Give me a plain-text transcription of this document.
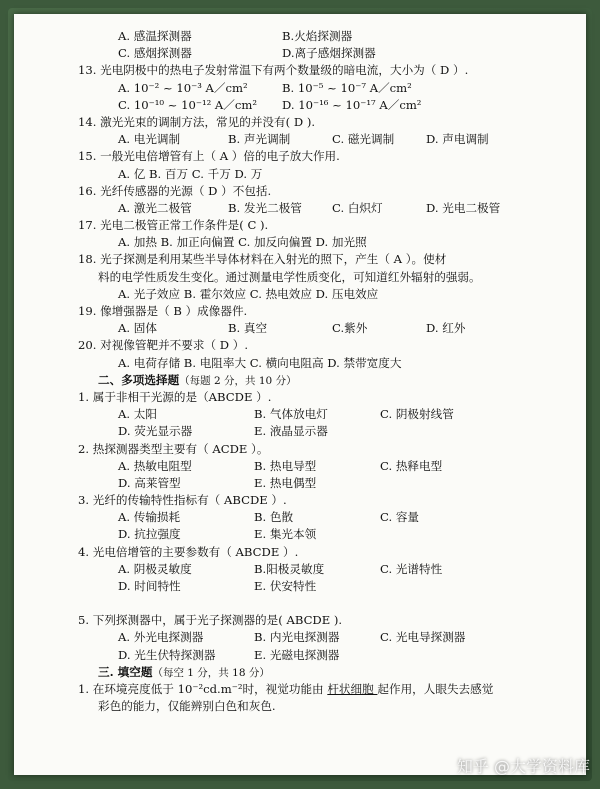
A. 感温探测器	B.火焰探测器
C. 感烟探测器	D.离子感烟探测器
13. 光电阴极中的热电子发射常温下有两个数量级的暗电流，大小为（ D ）.
A. 10⁻² ~ 10⁻³ A／cm²	B. 10⁻⁵ ~ 10⁻⁷ A／cm²
C. 10⁻¹⁰ ~ 10⁻¹² A／cm² D. 10⁻¹⁶ ~ 10⁻¹⁷ A／cm²
14. 激光光束的调制方法，常见的并没有( D ).
A. 电光调制	B. 声光调制	C. 磁光调制	D. 声电调制
15. 一般光电倍增管有上（ A ）倍的电子放大作用.
A. 亿 B. 百万 C. 千万 D. 万
16. 光纤传感器的光源（ D ）不包括.
A. 激光二极管	B. 发光二极管	C. 白炽灯	D. 光电二极管
17. 光电二极管正常工作条件是( C ).
A. 加热 B. 加正向偏置 C. 加反向偏置 D. 加光照
18. 光子探测是利用某些半导体材料在入射光的照下，产生（ A ）。使材
料的电学性质发生变化。通过测量电学性质变化，可知道红外辐射的强弱。
A. 光子效应 B. 霍尔效应 C. 热电效应 D. 压电效应
19. 像增强器是（ B ）成像器件.
A. 固体	B. 真空	C.紫外	D. 红外
20. 对视像管靶并不要求（ D ）.
A. 电荷存储 B. 电阻率大 C. 横向电阻高 D. 禁带宽度大
二、多项选择题（每题 2 分，共 10 分）
1. 属于非相干光源的是（ABCDE ）.
A. 太阳	B. 气体放电灯	C. 阴极射线管
D. 荧光显示器	E. 液晶显示器
2. 热探测器类型主要有（ ACDE ）。
A. 热敏电阻型	B. 热电导型	C. 热释电型
D. 高莱管型	E. 热电偶型
3. 光纤的传输特性指标有（ ABCDE ）.
A. 传输损耗	B. 色散	C. 容量
D. 抗拉强度	E. 集光本领
4. 光电倍增管的主要参数有（ ABCDE ）.
A. 阴极灵敏度	B.阳极灵敏度	C. 光谱特性
D. 时间特性	E. 伏安特性
5. 下列探测器中，属于光子探测器的是( ABCDE ).
A. 外光电探测器	B. 内光电探测器	C. 光电导探测器
D. 光生伏特探测器	E. 光磁电探测器
三. 填空题（每空 1 分，共 18 分）
1. 在环境亮度低于 10⁻²cd.m⁻²时，视觉功能由 杆状细胞 起作用，人眼失去感觉
彩色的能力，仅能辨别白色和灰色.
知乎 @大学资料库
